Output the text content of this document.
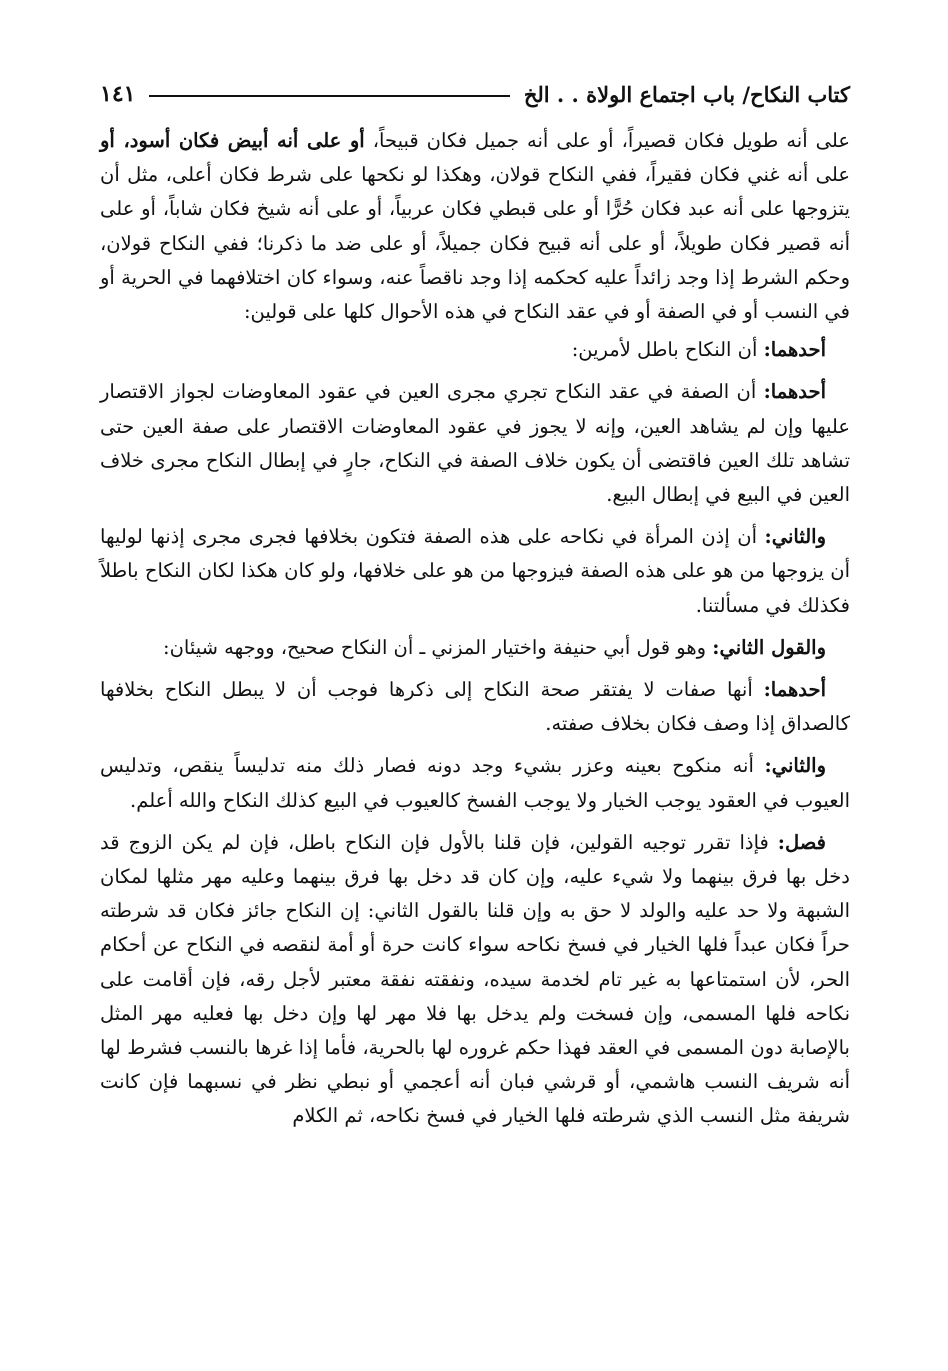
كتاب النكاح/ باب اجتماع الولاة . . الخ
١٤١

على أنه طويل فكان قصيراً، أو على أنه جميل فكان قبيحاً، أو على أنه أبيض فكان أسود، أو على أنه غني فكان فقيراً، ففي النكاح قولان، وهكذا لو نكحها على شرط فكان أعلى، مثل أن يتزوجها على أنه عبد فكان حُرًّا أو على قبطي فكان عربياً، أو على أنه شيخ فكان شاباً، أو على أنه قصير فكان طويلاً، أو على أنه قبيح فكان جميلاً، أو على ضد ما ذكرنا؛ ففي النكاح قولان، وحكم الشرط إذا وجد زائداً عليه كحكمه إذا وجد ناقصاً عنه، وسواء كان اختلافهما في الحرية أو في النسب أو في الصفة أو في عقد النكاح في هذه الأحوال كلها على قولين:

أحدهما: أن النكاح باطل لأمرين:

أحدهما: أن الصفة في عقد النكاح تجري مجرى العين في عقود المعاوضات لجواز الاقتصار عليها وإن لم يشاهد العين، وإنه لا يجوز في عقود المعاوضات الاقتصار على صفة العين حتى تشاهد تلك العين فاقتضى أن يكون خلاف الصفة في النكاح، جارٍ في إبطال النكاح مجرى خلاف العين في البيع في إبطال البيع.

والثاني: أن إذن المرأة في نكاحه على هذه الصفة فتكون بخلافها فجرى مجرى إذنها لوليها أن يزوجها من هو على هذه الصفة فيزوجها من هو على خلافها، ولو كان هكذا لكان النكاح باطلاً فكذلك في مسألتنا.

والقول الثاني: وهو قول أبي حنيفة واختيار المزني ـ أن النكاح صحيح، ووجهه شيئان:

أحدهما: أنها صفات لا يفتقر صحة النكاح إلى ذكرها فوجب أن لا يبطل النكاح بخلافها كالصداق إذا وصف فكان بخلاف صفته.

والثاني: أنه منكوح بعينه وعزر بشيء وجد دونه فصار ذلك منه تدليساً ينقص، وتدليس العيوب في العقود يوجب الخيار ولا يوجب الفسخ كالعيوب في البيع كذلك النكاح والله أعلم.

فصل: فإذا تقرر توجيه القولين، فإن قلنا بالأول فإن النكاح باطل، فإن لم يكن الزوج قد دخل بها فرق بينهما ولا شيء عليه، وإن كان قد دخل بها فرق بينهما وعليه مهر مثلها لمكان الشبهة ولا حد عليه والولد لا حق به وإن قلنا بالقول الثاني: إن النكاح جائز فكان قد شرطته حراً فكان عبداً فلها الخيار في فسخ نكاحه سواء كانت حرة أو أمة لنقصه في النكاح عن أحكام الحر، لأن استمتاعها به غير تام لخدمة سيده، ونفقته نفقة معتبر لأجل رقه، فإن أقامت على نكاحه فلها المسمى، وإن فسخت ولم يدخل بها فلا مهر لها وإن دخل بها فعليه مهر المثل بالإصابة دون المسمى في العقد فهذا حكم غروره لها بالحرية، فأما إذا غرها بالنسب فشرط لها أنه شريف النسب هاشمي، أو قرشي فبان أنه أعجمي أو نبطي نظر في نسبهما فإن كانت شريفة مثل النسب الذي شرطته فلها الخيار في فسخ نكاحه، ثم الكلام
